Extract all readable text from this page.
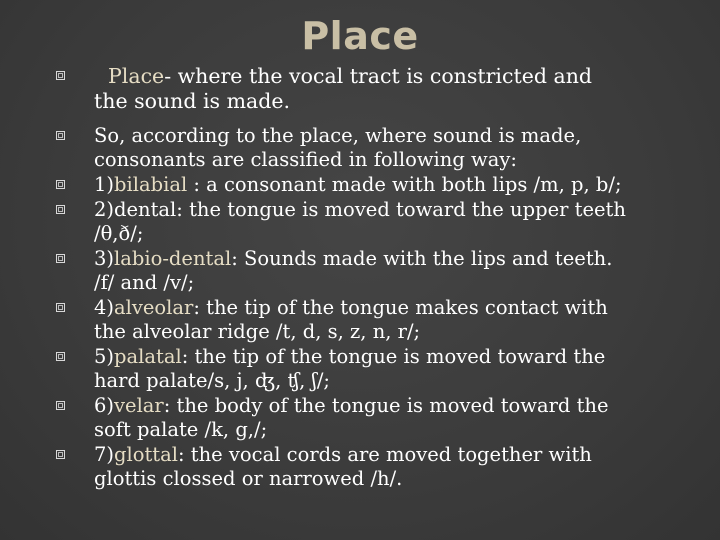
Place
Place- where the vocal tract is constricted and
the sound is made.
So, according to the place, where sound is made,
consonants are classified in following way:
1)bilabial : a consonant made with both lips /m, p, b/;
2)dental: the tongue is moved toward the upper teeth
/θ,ð/;
3)labio-dental: Sounds made with the lips and teeth.
/f/ and /v/;
4)alveolar: the tip of the tongue makes contact with
the alveolar ridge /t, d, s, z, n, r/;
5)palatal: the tip of the tongue is moved toward the
hard palate/s, j, ʤ, ʧ, ʃ/;
6)velar: the body of the tongue is moved toward the
soft palate /k, g,/;
7)glottal: the vocal cords are moved together with
glottis clossed or narrowed /h/.
